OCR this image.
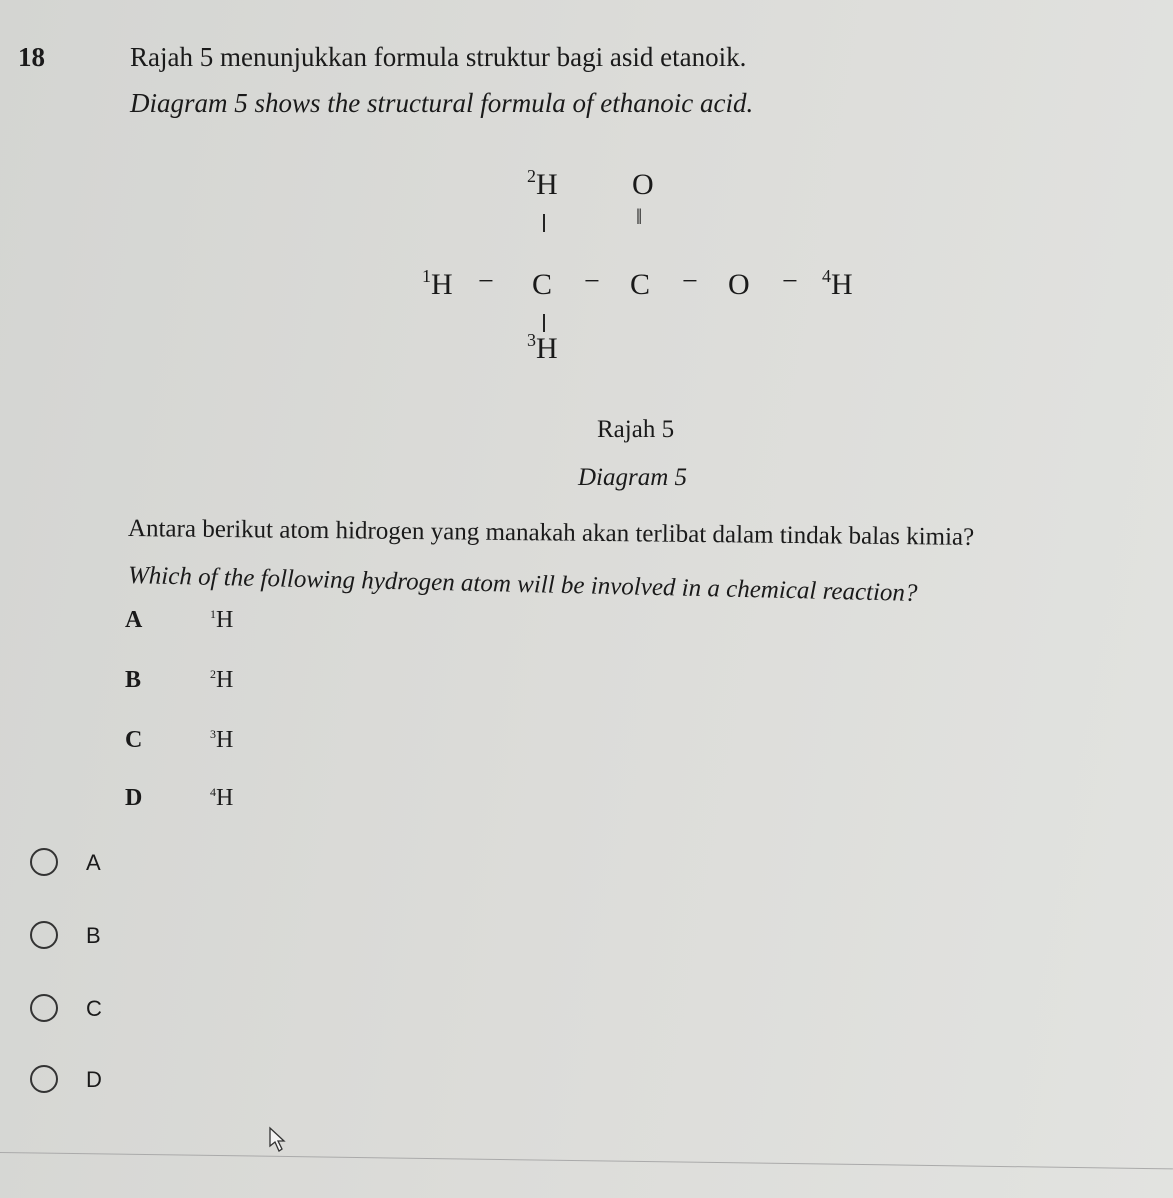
18	Rajah 5 menunjukkan formula struktur bagi asid etanoik.
Diagram 5 shows the structural formula of ethanoic acid.
$^2$H O
‖
$^1$H − C − C − O − $^4$H
$^3$H
Rajah 5
Diagram 5
Antara berikut atom hidrogen yang manakah akan terlibat dalam tindak balas kimia?
Which of the following hydrogen atom will be involved in a chemical reaction?
A	$^1$H
B	$^2$H
C	$^3$H
D	$^4$H
A
B
C
D
